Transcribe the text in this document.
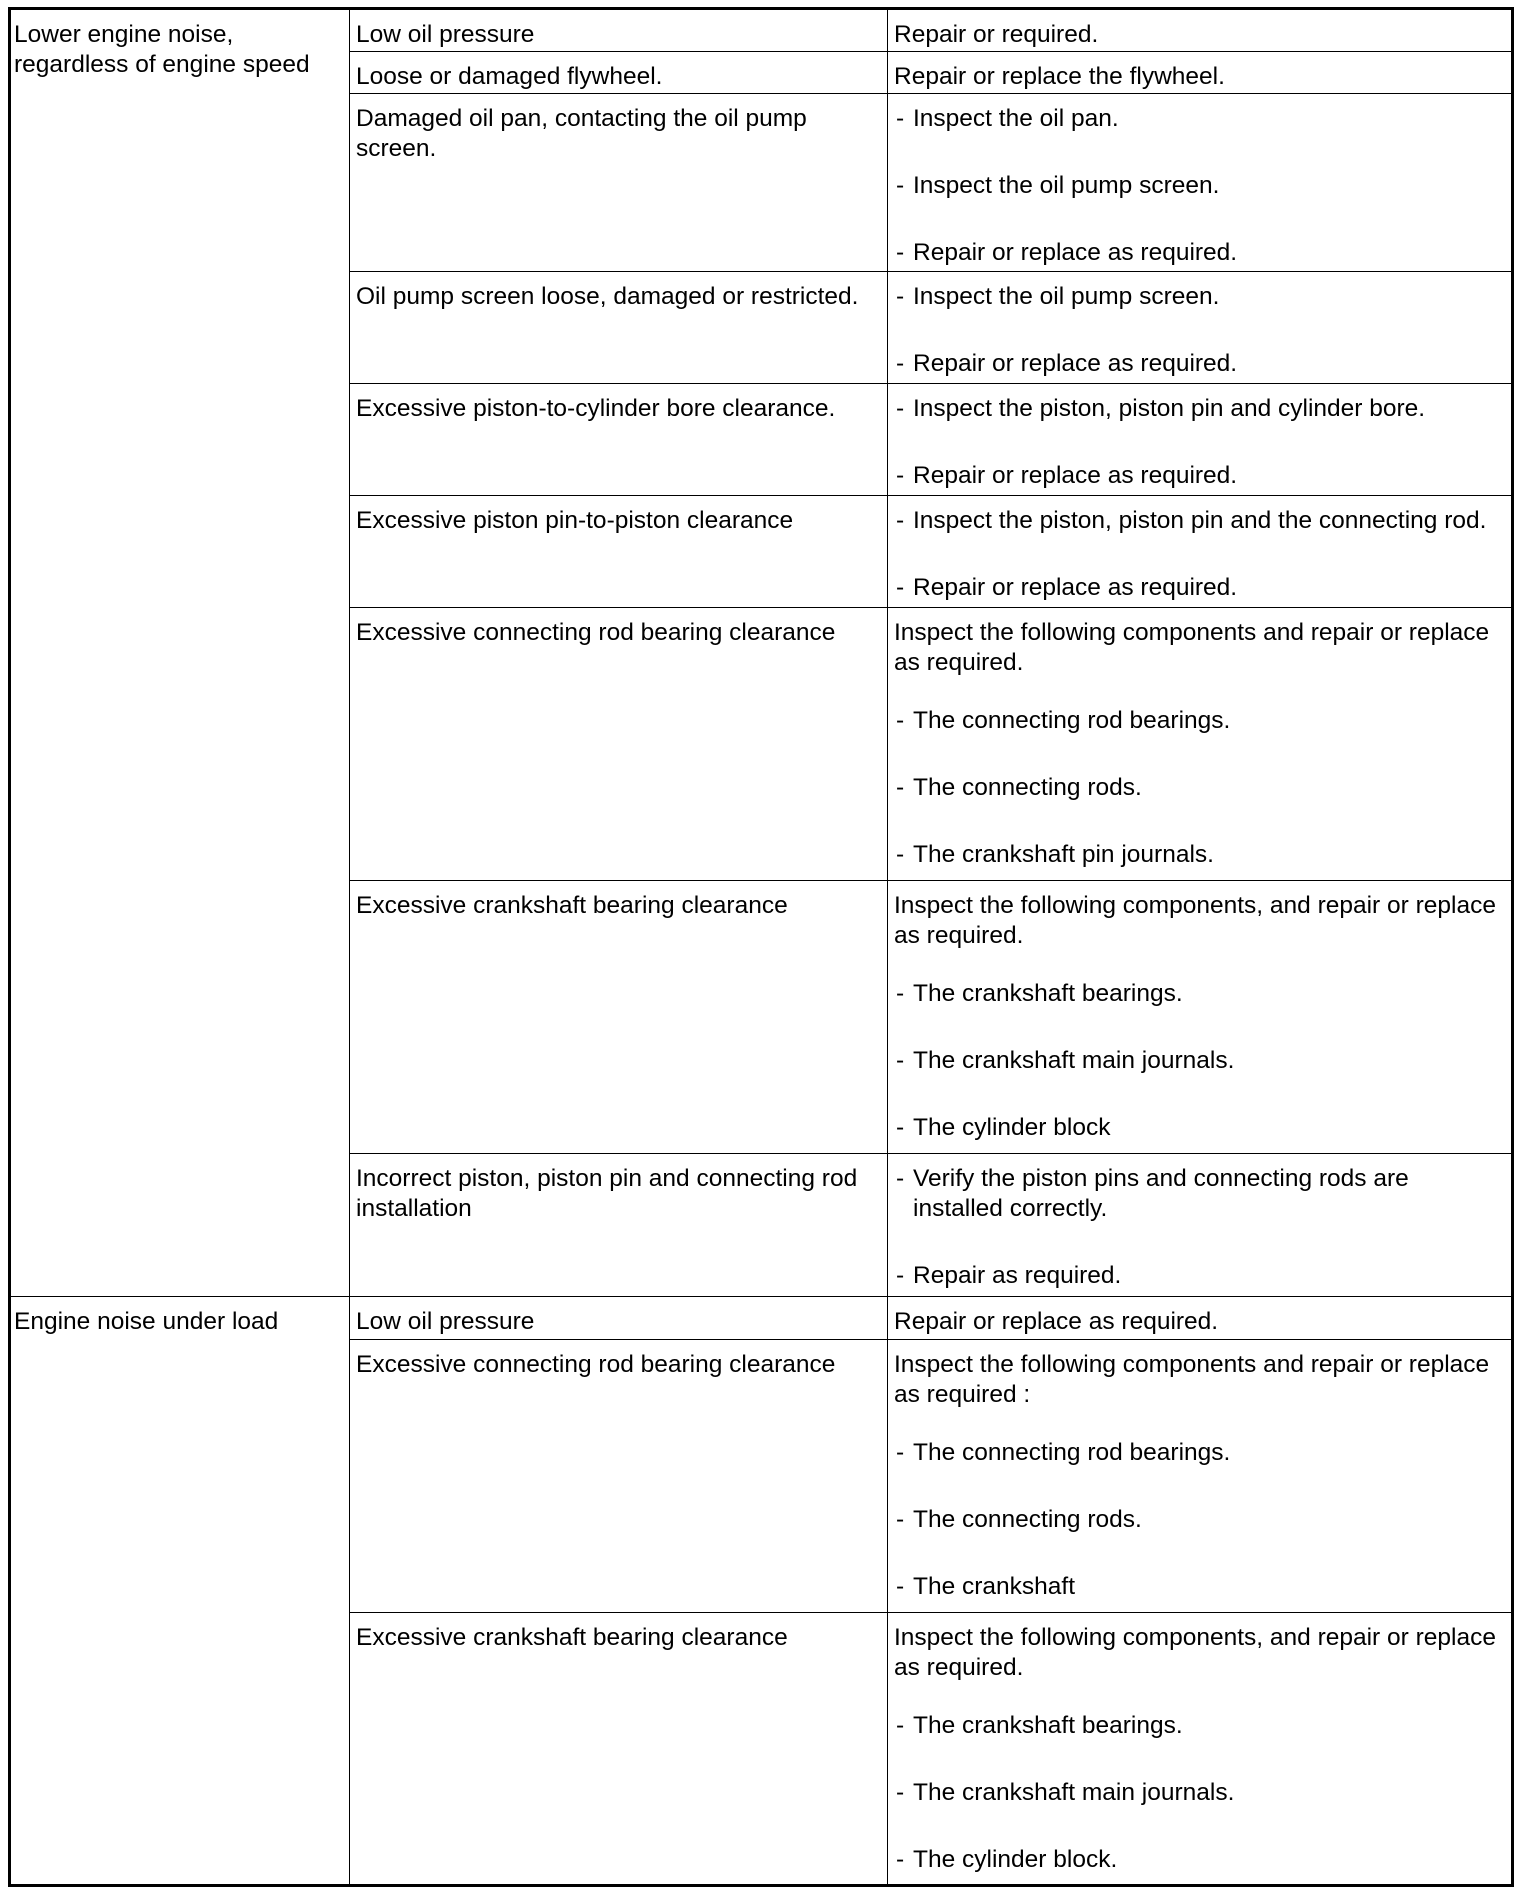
Lower engine noise, regardless of engine speed	Low oil pressure	Repair or required.

	Loose or damaged flywheel.	Repair or replace the flywheel.

	Damaged oil pan, contacting the oil pump screen.	- Inspect the oil pan.
- Inspect the oil pump screen.
- Repair or replace as required.

	Oil pump screen loose, damaged or restricted.	- Inspect the oil pump screen.
- Repair or replace as required.

	Excessive piston-to-cylinder bore clearance.	- Inspect the piston, piston pin and cylinder bore.
- Repair or replace as required.

	Excessive piston pin-to-piston clearance	- Inspect the piston, piston pin and the connecting rod.
- Repair or replace as required.

	Excessive connecting rod bearing clearance	Inspect the following components and repair or replace as required.
- The connecting rod bearings.
- The connecting rods.
- The crankshaft pin journals.

	Excessive crankshaft bearing clearance	Inspect the following components, and repair or replace as required.
- The crankshaft bearings.
- The crankshaft main journals.
- The cylinder block

	Incorrect piston, piston pin and connecting rod installation	- Verify the piston pins and connecting rods are installed correctly.
- Repair as required.

Engine noise under load	Low oil pressure	Repair or replace as required.

	Excessive connecting rod bearing clearance	Inspect the following components and repair or replace as required :
- The connecting rod bearings.
- The connecting rods.
- The crankshaft

	Excessive crankshaft bearing clearance	Inspect the following components, and repair or replace as required.
- The crankshaft bearings.
- The crankshaft main journals.
- The cylinder block.
